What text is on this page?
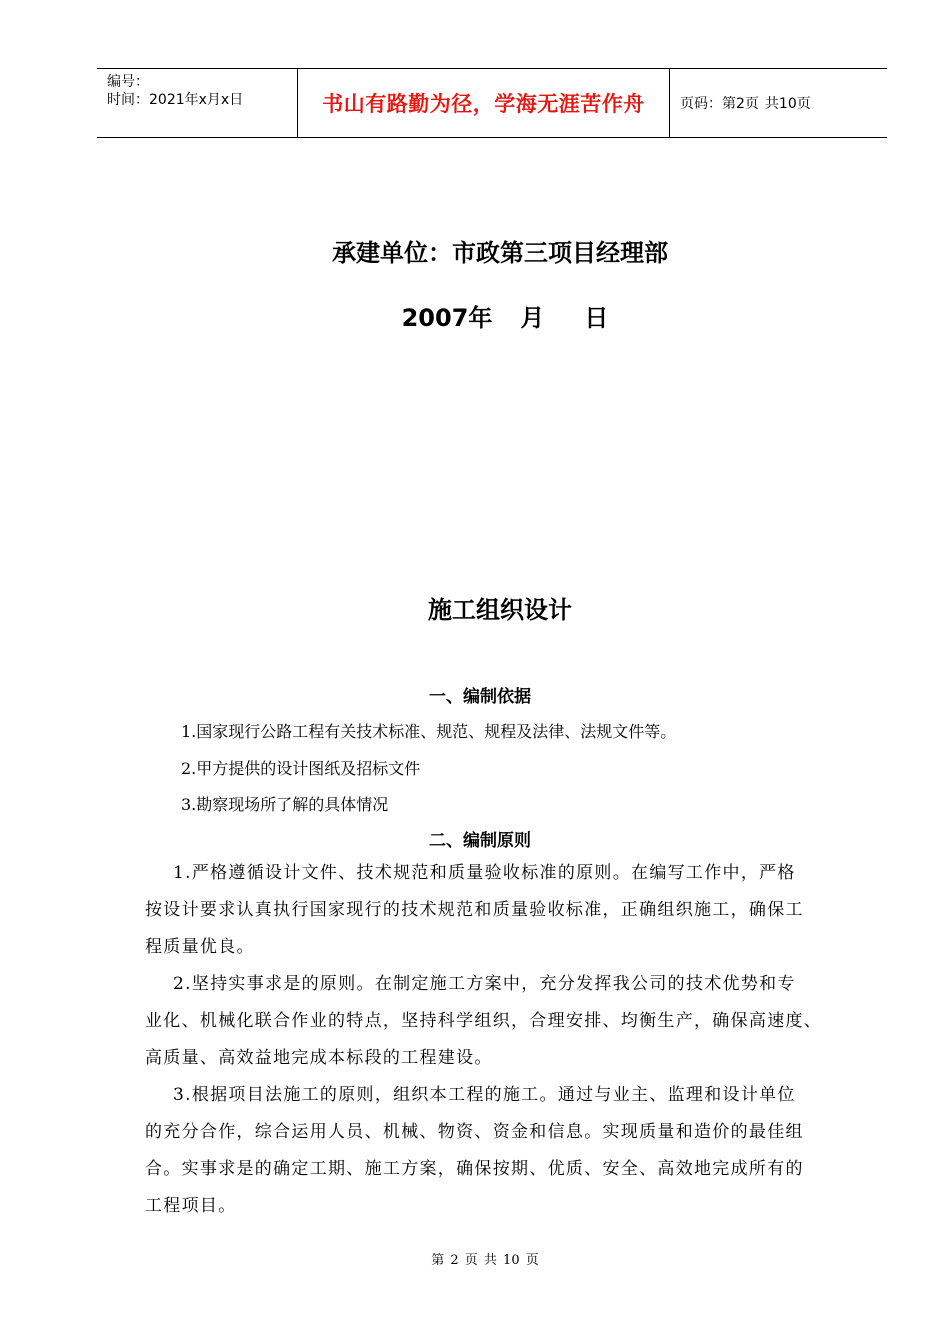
编号：
时间：2021年x月x日	书山有路勤为径，学海无涯苦作舟	页码：第2页 共10页
承建单位：市政第三项目经理部
2007年 月 日
施工组织设计
一、编制依据
1.国家现行公路工程有关技术标准、规范、规程及法律、法规文件等。
2.甲方提供的设计图纸及招标文件
3.勘察现场所了解的具体情况
二、编制原则
1.严格遵循设计文件、技术规范和质量验收标准的原则。在编写工作中，严格
按设计要求认真执行国家现行的技术规范和质量验收标准，正确组织施工，确保工
程质量优良。
2.坚持实事求是的原则。在制定施工方案中，充分发挥我公司的技术优势和专
业化、机械化联合作业的特点，坚持科学组织，合理安排、均衡生产，确保高速度、
高质量、高效益地完成本标段的工程建设。
3.根据项目法施工的原则，组织本工程的施工。通过与业主、监理和设计单位
的充分合作，综合运用人员、机械、物资、资金和信息。实现质量和造价的最佳组
合。实事求是的确定工期、施工方案，确保按期、优质、安全、高效地完成所有的
工程项目。
第 2 页 共 10 页
